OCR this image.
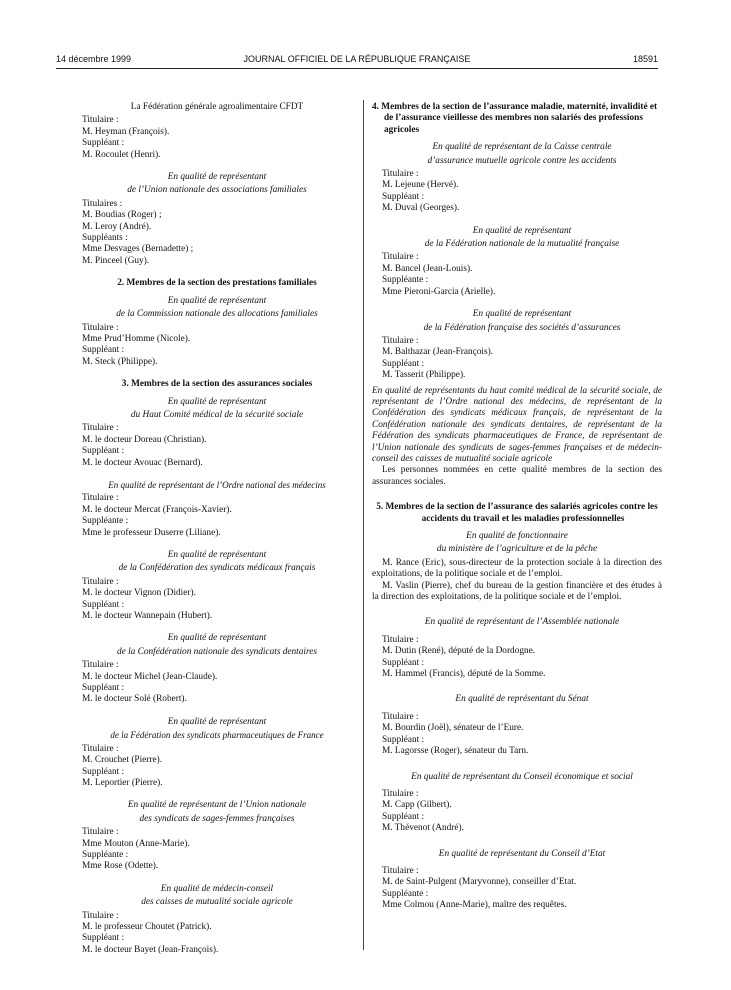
14 décembre 1999	JOURNAL OFFICIEL DE LA RÉPUBLIQUE FRANÇAISE	18591
La Fédération générale agroalimentaire CFDT
Titulaire :
M. Heyman (François).
Suppléant :
M. Rocoulet (Henri).
En qualité de représentant
de l’Union nationale des associations familiales
Titulaires :
M. Boudias (Roger) ;
M. Leroy (André).
Suppléants :
Mme Desvages (Bernadette) ;
M. Pinceel (Guy).
2. Membres de la section des prestations familiales
En qualité de représentant
de la Commission nationale des allocations familiales
Titulaire :
Mme Prud’Homme (Nicole).
Suppléant :
M. Steck (Philippe).
3. Membres de la section des assurances sociales
En qualité de représentant
du Haut Comité médical de la sécurité sociale
Titulaire :
M. le docteur Doreau (Christian).
Suppléant :
M. le docteur Avouac (Bernard).
En qualité de représentant de l’Ordre national des médecins
Titulaire :
M. le docteur Mercat (François-Xavier).
Suppléante :
Mme le professeur Duserre (Liliane).
En qualité de représentant
de la Confédération des syndicats médicaux français
Titulaire :
M. le docteur Vignon (Didier).
Suppléant :
M. le docteur Wannepain (Hubert).
En qualité de représentant
de la Confédération nationale des syndicats dentaires
Titulaire :
M. le docteur Michel (Jean-Claude).
Suppléant :
M. le docteur Solé (Robert).
En qualité de représentant
de la Fédération des syndicats pharmaceutiques de France
Titulaire :
M. Crouchet (Pierre).
Suppléant :
M. Leportier (Pierre).
En qualité de représentant de l’Union nationale
des syndicats de sages-femmes françaises
Titulaire :
Mme Mouton (Anne-Marie).
Suppléante :
Mme Rose (Odette).
En qualité de médecin-conseil
des caisses de mutualité sociale agricole
Titulaire :
M. le professeur Choutet (Patrick).
Suppléant :
M. le docteur Bayet (Jean-François).
4. Membres de la section de l’assurance maladie, maternité, invalidité et de l’assurance vieillesse des membres non salariés des professions agricoles
En qualité de représentant de la Caisse centrale
d’assurance mutuelle agricole contre les accidents
Titulaire :
M. Lejeune (Hervé).
Suppléant :
M. Duval (Georges).
En qualité de représentant
de la Fédération nationale de la mutualité française
Titulaire :
M. Bancel (Jean-Louis).
Suppléante :
Mme Pieroni-Garcia (Arielle).
En qualité de représentant
de la Fédération française des sociétés d’assurances
Titulaire :
M. Balthazar (Jean-François).
Suppléant :
M. Tasserit (Philippe).
En qualité de représentants du haut comité médical de la sécurité sociale, de représentant de l’Ordre national des médecins, de représentant de la Confédération des syndicats médicaux français, de représentant de la Confédération nationale des syndicats dentaires, de représentant de la Fédération des syndicats pharmaceutiques de France, de représentant de l’Union nationale des syndicats de sages-femmes françaises et de médecin-conseil des caisses de mutualité sociale agricole
Les personnes nommées en cette qualité membres de la section des assurances sociales.
5. Membres de la section de l’assurance des salariés agricoles contre les accidents du travail et les maladies professionnelles
En qualité de fonctionnaire
du ministère de l’agriculture et de la pêche
M. Rance (Eric), sous-directeur de la protection sociale à la direction des exploitations, de la politique sociale et de l’emploi.
M. Vaslin (Pierre), chef du bureau de la gestion financière et des études à la direction des exploitations, de la politique sociale et de l’emploi.
En qualité de représentant de l’Assemblée nationale
Titulaire :
M. Dutin (René), député de la Dordogne.
Suppléant :
M. Hammel (Francis), député de la Somme.
En qualité de représentant du Sénat
Titulaire :
M. Bourdin (Joël), sénateur de l’Eure.
Suppléant :
M. Lagorsse (Roger), sénateur du Tarn.
En qualité de représentant du Conseil économique et social
Titulaire :
M. Capp (Gilbert).
Suppléant :
M. Thévenot (André).
En qualité de représentant du Conseil d’Etat
Titulaire :
M. de Saint-Pulgent (Maryvonne), conseiller d’Etat.
Suppléante :
Mme Colmou (Anne-Marie), maître des requêtes.
